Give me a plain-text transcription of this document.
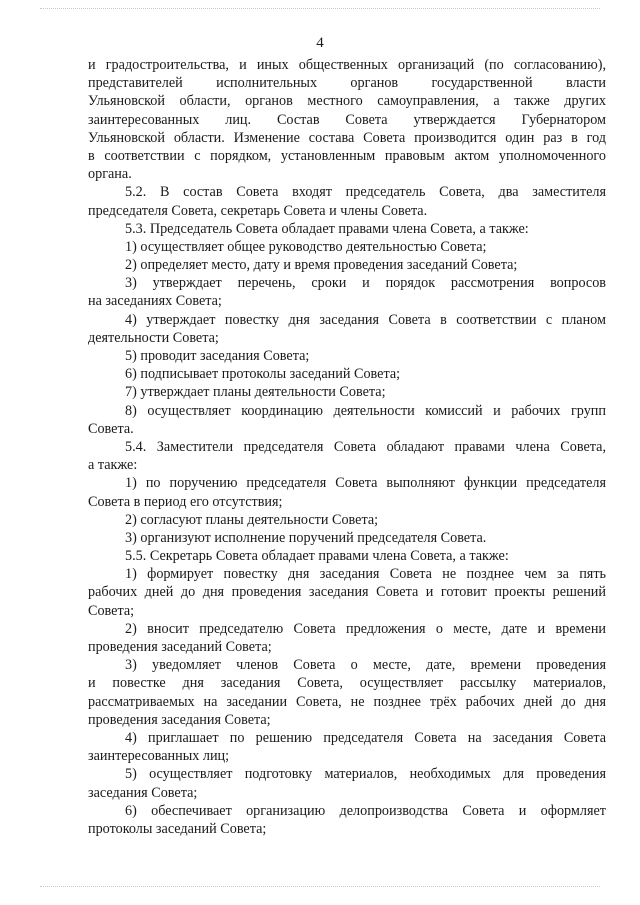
4
и градостроительства, и иных общественных организаций (по согласованию),
представителей исполнительных органов государственной власти
Ульяновской области, органов местного самоуправления, а также других
заинтересованных лиц. Состав Совета утверждается Губернатором
Ульяновской области. Изменение состава Совета производится один раз в год
в соответствии с порядком, установленным правовым актом уполномоченного
органа.
5.2. В состав Совета входят председатель Совета, два заместителя
председателя Совета, секретарь Совета и члены Совета.
5.3. Председатель Совета обладает правами члена Совета, а также:
1) осуществляет общее руководство деятельностью Совета;
2) определяет место, дату и время проведения заседаний Совета;
3) утверждает перечень, сроки и порядок рассмотрения вопросов
на заседаниях Совета;
4) утверждает повестку дня заседания Совета в соответствии с планом
деятельности Совета;
5) проводит заседания Совета;
6) подписывает протоколы заседаний Совета;
7) утверждает планы деятельности Совета;
8) осуществляет координацию деятельности комиссий и рабочих групп
Совета.
5.4. Заместители председателя Совета обладают правами члена Совета,
а также:
1) по поручению председателя Совета выполняют функции председателя
Совета в период его отсутствия;
2) согласуют планы деятельности Совета;
3) организуют исполнение поручений председателя Совета.
5.5. Секретарь Совета обладает правами члена Совета, а также:
1) формирует повестку дня заседания Совета не позднее чем за пять
рабочих дней до дня проведения заседания Совета и готовит проекты решений
Совета;
2) вносит председателю Совета предложения о месте, дате и времени
проведения заседаний Совета;
3) уведомляет членов Совета о месте, дате, времени проведения
и повестке дня заседания Совета, осуществляет рассылку материалов,
рассматриваемых на заседании Совета, не позднее трёх рабочих дней до дня
проведения заседания Совета;
4) приглашает по решению председателя Совета на заседания Совета
заинтересованных лиц;
5) осуществляет подготовку материалов, необходимых для проведения
заседания Совета;
6) обеспечивает организацию делопроизводства Совета и оформляет
протоколы заседаний Совета;
